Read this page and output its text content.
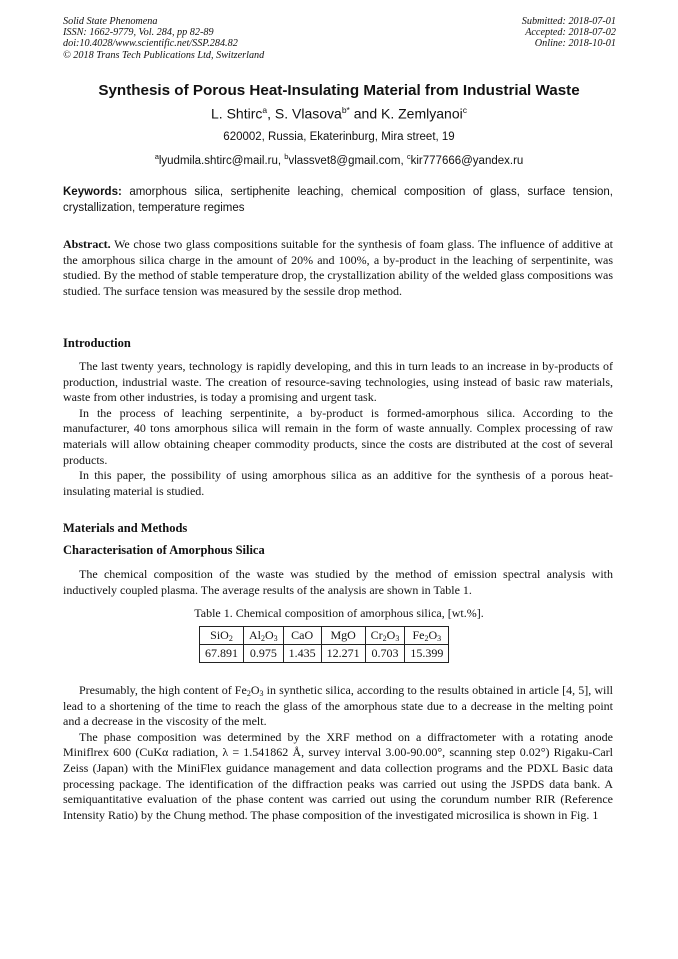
Solid State Phenomena
ISSN: 1662-9779, Vol. 284, pp 82-89
doi:10.4028/www.scientific.net/SSP.284.82
© 2018 Trans Tech Publications Ltd, Switzerland
Submitted: 2018-07-01
Accepted: 2018-07-02
Online: 2018-10-01
Synthesis of Porous Heat-Insulating Material from Industrial Waste
L. Shtirc$^a$, S. Vlasova$^{b*}$ and K. Zemlyanoi$^c$
620002, Russia, Ekaterinburg, Mira street, 19
$^a$lyudmila.shtirc@mail.ru, $^b$vlassvet8@gmail.com, $^c$kir777666@yandex.ru
Keywords: amorphous silica, sertiphenite leaching, chemical composition of glass, surface tension, crystallization, temperature regimes
Abstract. We chose two glass compositions suitable for the synthesis of foam glass. The influence of additive at the amorphous silica charge in the amount of 20% and 100%, a by-product in the leaching of serpentinite, was studied. By the method of stable temperature drop, the crystallization ability of the welded glass compositions was studied. The surface tension was measured by the sessile drop method.
Introduction

The last twenty years, technology is rapidly developing, and this in turn leads to an increase in by-products of production, industrial waste. The creation of resource-saving technologies, using instead of basic raw materials, waste from other industries, is today a promising and urgent task.

In the process of leaching serpentinite, a by-product is formed-amorphous silica. According to the manufacturer, 40 tons amorphous silica will remain in the form of waste annually. Complex processing of raw materials will allow obtaining cheaper commodity products, since the costs are distributed at the cost of several products.

In this paper, the possibility of using amorphous silica as an additive for the synthesis of a porous heat-insulating material is studied.

Materials and Methods
Characterisation of Amorphous Silica

The chemical composition of the waste was studied by the method of emission spectral analysis with inductively coupled plasma. The average results of the analysis are shown in Table 1.

Table 1. Chemical composition of amorphous silica, [wt.%].
SiO$_2$	$Al_2O_3$	CaO	MgO	$Cr_2O_3$	$Fe_2O_3$
67.891	0.975	1.435	12.271	0.703	15.399

Presumably, the high content of $Fe_2O_3$ in synthetic silica, according to the results obtained in article [4, 5], will lead to a shortening of the time to reach the glass of the amorphous state due to a decrease in the melting point and a decrease in the viscosity of the melt.

The phase composition was determined by the XRF method on a diffractometer with a rotating anode Miniflrex 600 (CuKα radiation, λ = 1.541862 Å, survey interval 3.00-90.00°, scanning step 0.02°) Rigaku-Carl Zeiss (Japan) with the MiniFlex guidance management and data collection programs and the PDXL Basic data processing package. The identification of the diffraction peaks was carried out using the JSPDS data bank. A semiquantitative evaluation of the phase content was carried out using the corundum number RIR (Reference Intensity Ratio) by the Chung method. The phase composition of the investigated microsilica is shown in Fig. 1
